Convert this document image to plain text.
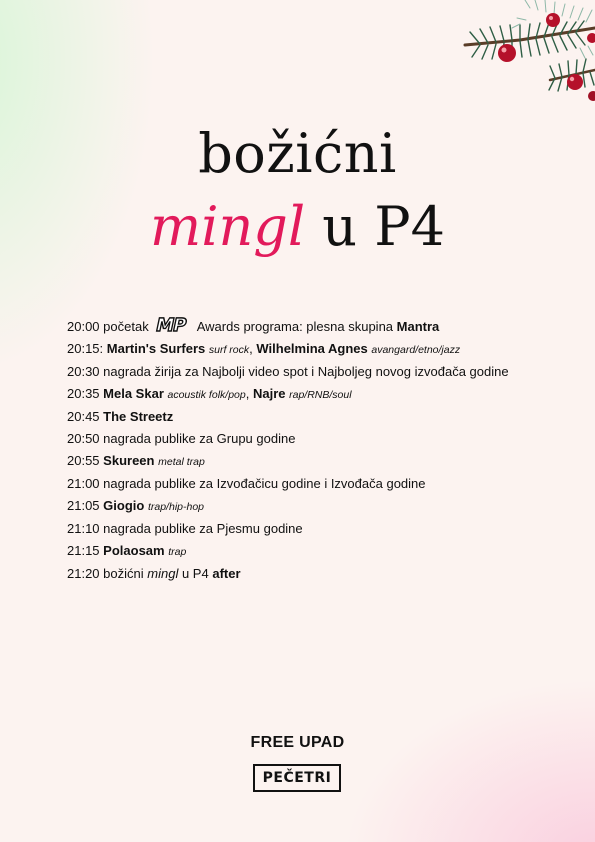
božićni
mingl u P4
20:00 početak MP Awards programa: plesna skupina Mantra
20:15: Martin's Surfers surf rock, Wilhelmina Agnes avangard/etno/jazz
20:30 nagrada žirija za Najbolji video spot i Najboljeg novog izvođača godine
20:35 Mela Skar acoustik folk/pop, Najre rap/RNB/soul
20:45 The Streetz
20:50 nagrada publike za Grupu godine
20:55 Skureen metal trap
21:00 nagrada publike za Izvođačicu godine i Izvođača godine
21:05 Giogio trap/hip-hop
21:10 nagrada publike za Pjesmu godine
21:15 Polaosam trap
21:20 božićni mingl u P4 after

FREE UPAD

PEČETRI
